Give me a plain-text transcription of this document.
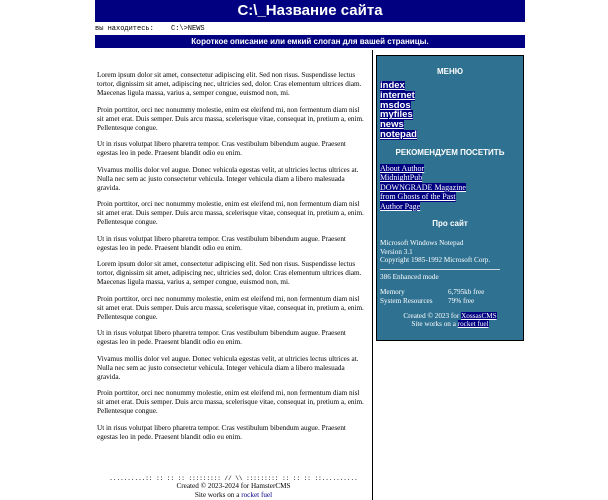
C:\_Название сайта
вы находитесь: C:\>NEWS
Короткое описание или емкий слоган для вашей страницы.

Lorem ipsum dolor sit amet, consectetur adipiscing elit. Sed non risus. Suspendisse lectus tortor, dignissim sit amet, adipiscing nec, ultricies sed, dolor. Cras elementum ultrices diam. Maecenas ligula massa, varius a, semper congue, euismod non, mi.

Proin porttitor, orci nec nonummy molestie, enim est eleifend mi, non fermentum diam nisl sit amet erat. Duis semper. Duis arcu massa, scelerisque vitae, consequat in, pretium a, enim. Pellentesque congue.

Ut in risus volutpat libero pharetra tempor. Cras vestibulum bibendum augue. Praesent egestas leo in pede. Praesent blandit odio eu enim.

Vivamus mollis dolor vel augue. Donec vehicula egestas velit, at ultricies lectus ultrices at. Nulla nec sem ac justo consectetur vehicula. Integer vehicula diam a libero malesuada gravida.

Proin porttitor, orci nec nonummy molestie, enim est eleifend mi, non fermentum diam nisl sit amet erat. Duis semper. Duis arcu massa, scelerisque vitae, consequat in, pretium a, enim. Pellentesque congue.

Ut in risus volutpat libero pharetra tempor. Cras vestibulum bibendum augue. Praesent egestas leo in pede. Praesent blandit odio eu enim.

Lorem ipsum dolor sit amet, consectetur adipiscing elit. Sed non risus. Suspendisse lectus tortor, dignissim sit amet, adipiscing nec, ultricies sed, dolor. Cras elementum ultrices diam. Maecenas ligula massa, varius a, semper congue, euismod non, mi.

Proin porttitor, orci nec nonummy molestie, enim est eleifend mi, non fermentum diam nisl sit amet erat. Duis semper. Duis arcu massa, scelerisque vitae, consequat in, pretium a, enim. Pellentesque congue.

Ut in risus volutpat libero pharetra tempor. Cras vestibulum bibendum augue. Praesent egestas leo in pede. Praesent blandit odio eu enim.

Vivamus mollis dolor vel augue. Donec vehicula egestas velit, at ultricies lectus ultrices at. Nulla nec sem ac justo consectetur vehicula. Integer vehicula diam a libero malesuada gravida.

Proin porttitor, orci nec nonummy molestie, enim est eleifend mi, non fermentum diam nisl sit amet erat. Duis semper. Duis arcu massa, scelerisque vitae, consequat in, pretium a, enim. Pellentesque congue.

Ut in risus volutpat libero pharetra tempor. Cras vestibulum bibendum augue. Praesent egestas leo in pede. Praesent blandit odio eu enim.

МЕНЮ
index
internet
msdos
myfiles
news
notepad
РЕКОМЕНДУЕМ ПОСЕТИТЬ
About Author
MidnightPub
DOWNGRADE Magazine
from Ghosts of the Past
Author Page
Про сайт
Microsoft Windows Notepad
Version 3.1
Copyright 1985-1992 Microsoft Corp.
386 Enhanced mode
Memory	6,795kb free
System Resources	79% free
Created © 2023 for XossasCMS
Site works on a rocket fuel
..........:: :: :: :: ::::::::: // \\ ::::::::: :: :: :: ::..........
Created © 2023-2024 for HamsterCMS
Site works on a rocket fuel
